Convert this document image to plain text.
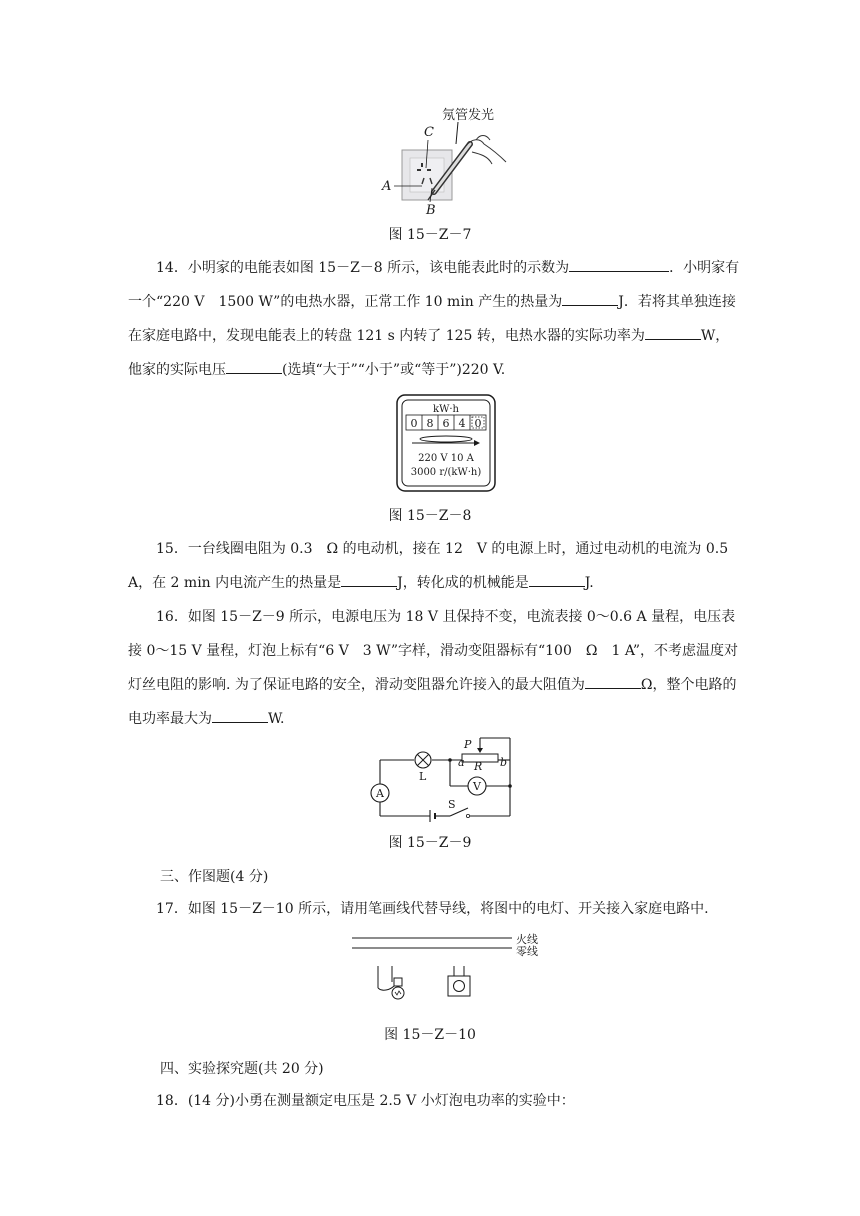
氖管发光
C
A
B
图 15－Z－7
14．小明家的电能表如图 15－Z－8 所示，该电能表此时的示数为	．小明家有一个“220 V　1500 W”的电热水器，正常工作 10 min 产生的热量为	J．若将其单独连接在家庭电路中，发现电能表上的转盘 121 s 内转了 125 转，电热水器的实际功率为	W，他家的实际电压	(选填“大于”“小于”或“等于”)220 V.
kW·h
0 8 6 4 0
220 V 10 A
3000 r/(kW·h)
图 15－Z－8
15．一台线圈电阻为 0.3　Ω 的电动机，接在 12　V 的电源上时，通过电动机的电流为 0.5 A，在 2 min 内电流产生的热量是	J，转化成的机械能是	J.
16．如图 15－Z－9 所示，电源电压为 18 V 且保持不变，电流表接 0～0.6 A 量程，电压表接 0～15 V 量程，灯泡上标有“6 V　3 W”字样，滑动变阻器标有“100　Ω　1 A”，不考虑温度对灯丝电阻的影响. 为了保证电路的安全，滑动变阻器允许接入的最大阻值为	Ω，整个电路的电功率最大为	W.
A
V
P
a R b
L
S
图 15－Z－9
三、作图题(4 分)
17．如图 15－Z－10 所示，请用笔画线代替导线，将图中的电灯、开关接入家庭电路中.
火线
零线
图 15－Z－10
四、实验探究题(共 20 分)
18．(14 分)小勇在测量额定电压是 2.5 V 小灯泡电功率的实验中：
